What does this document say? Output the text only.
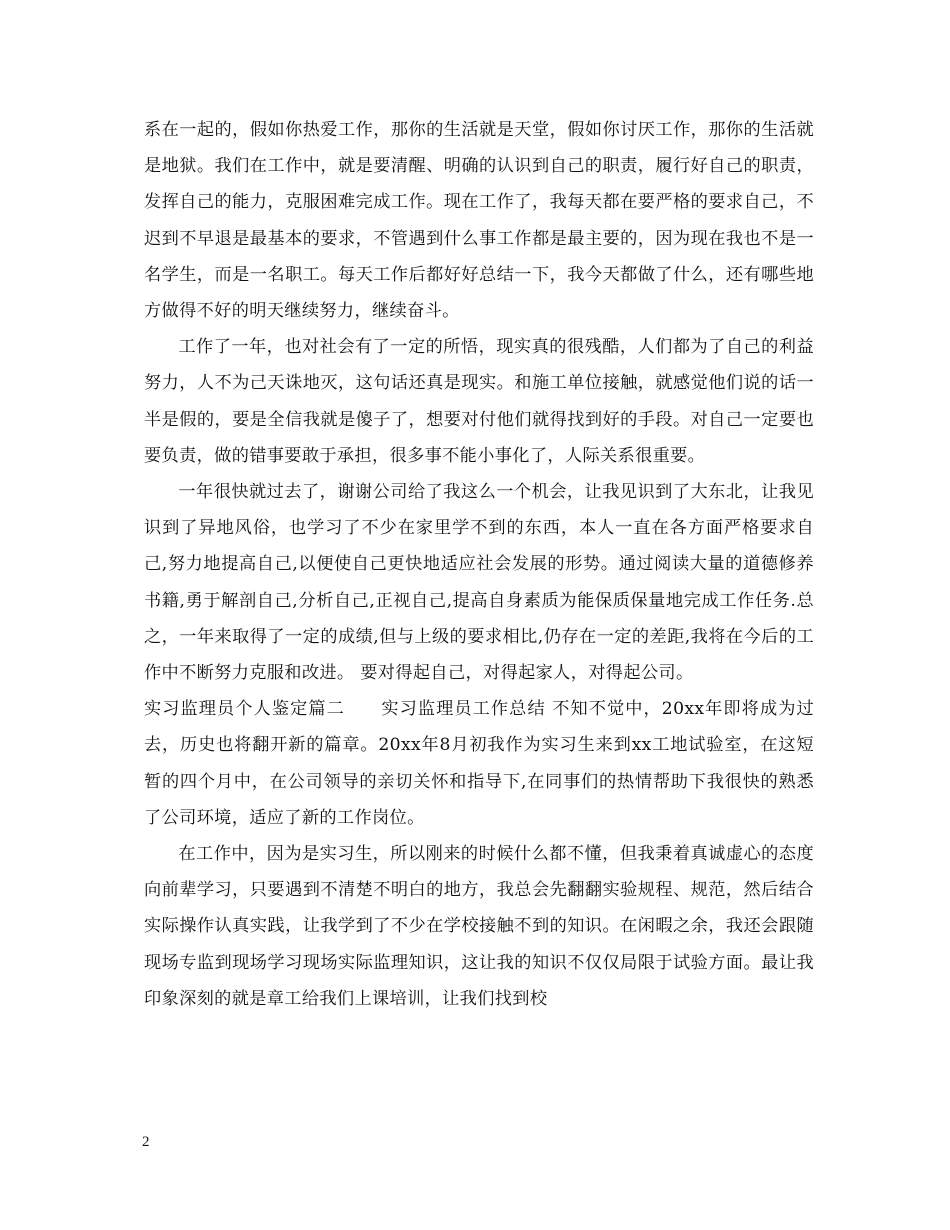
系在一起的，假如你热爱工作，那你的生活就是天堂，假如你讨厌工作，那你的生活就是地狱。我们在工作中，就是要清醒、明确的认识到自己的职责，履行好自己的职责，发挥自己的能力，克服困难完成工作。现在工作了，我每天都在要严格的要求自己，不迟到不早退是最基本的要求，不管遇到什么事工作都是最主要的，因为现在我也不是一名学生，而是一名职工。每天工作后都好好总结一下，我今天都做了什么，还有哪些地方做得不好的明天继续努力，继续奋斗。

工作了一年，也对社会有了一定的所悟，现实真的很残酷，人们都为了自己的利益努力，人不为己天诛地灭，这句话还真是现实。和施工单位接触，就感觉他们说的话一半是假的，要是全信我就是傻子了，想要对付他们就得找到好的手段。对自己一定要也要负责，做的错事要敢于承担，很多事不能小事化了，人际关系很重要。

一年很快就过去了，谢谢公司给了我这么一个机会，让我见识到了大东北，让我见识到了异地风俗，也学习了不少在家里学不到的东西，本人一直在各方面严格要求自己,努力地提高自己,以便使自己更快地适应社会发展的形势。通过阅读大量的道德修养书籍,勇于解剖自己,分析自己,正视自己,提高自身素质为能保质保量地完成工作任务.总之，一年来取得了一定的成绩,但与上级的要求相比,仍存在一定的差距,我将在今后的工作中不断努力克服和改进。 要对得起自己，对得起家人，对得起公司。

实习监理员个人鉴定篇二　　实习监理员工作总结 不知不觉中，20xx年即将成为过去，历史也将翻开新的篇章。20xx年8月初我作为实习生来到xx工地试验室，在这短暂的四个月中，在公司领导的亲切关怀和指导下,在同事们的热情帮助下我很快的熟悉了公司环境，适应了新的工作岗位。

在工作中，因为是实习生，所以刚来的时候什么都不懂，但我秉着真诚虚心的态度向前辈学习，只要遇到不清楚不明白的地方，我总会先翻翻实验规程、规范，然后结合实际操作认真实践，让我学到了不少在学校接触不到的知识。在闲暇之余，我还会跟随现场专监到现场学习现场实际监理知识，这让我的知识不仅仅局限于试验方面。最让我印象深刻的就是章工给我们上课培训，让我们找到校

2
